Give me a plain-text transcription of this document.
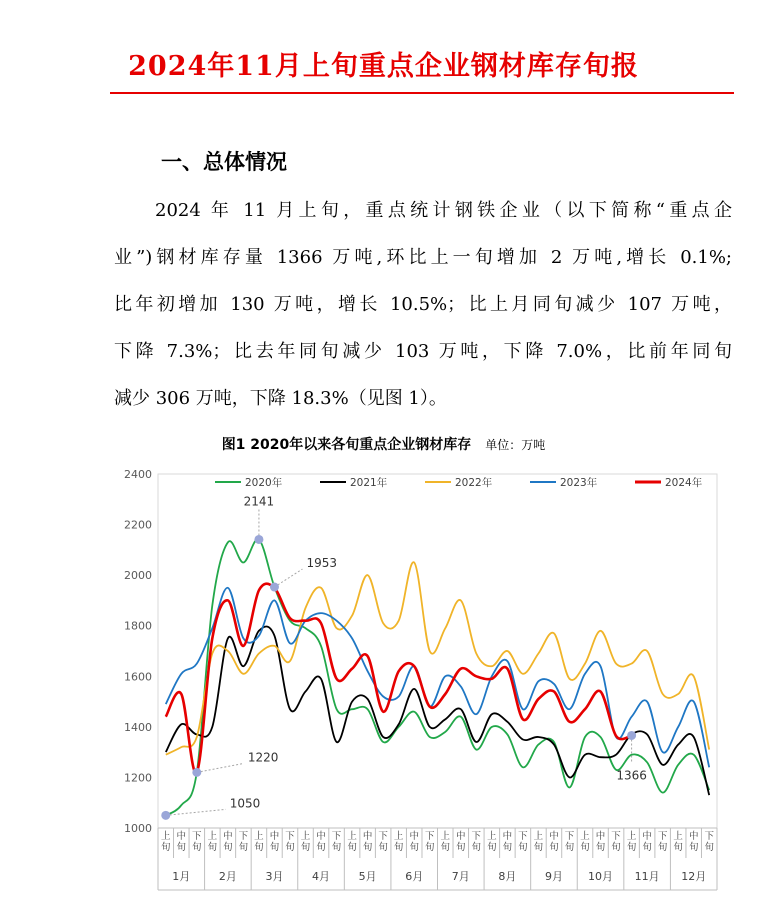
2024年11月上旬重点企业钢材库存旬报
一、总体情况
2024 年 11 月上旬，重点统计钢铁企业（以下简称“重点企
业”)钢材库存量 1366 万吨,环比上一旬增加 2 万吨,增长 0.1%;
比年初增加 130 万吨，增长 10.5%；比上月同旬减少 107 万吨，
下降 7.3%；比去年同旬减少 103 万吨，下降 7.0%，比前年同旬
减少 306 万吨，下降 18.3%（见图 1）。
图1 2020年以来各旬重点企业钢材库存 单位：万吨
1000
1200
1400
1600
1800
2000
2200
2400
上
旬
中
旬
下
旬
上
旬
中
旬
下
旬
上
旬
中
旬
下
旬
上
旬
中
旬
下
旬
上
旬
中
旬
下
旬
上
旬
中
旬
下
旬
上
旬
中
旬
下
旬
上
旬
中
旬
下
旬
上
旬
中
旬
下
旬
上
旬
中
旬
下
旬
上
旬
中
旬
下
旬
上
旬
中
旬
下
旬
1月	2月	3月	4月	5月	6月	7月	8月	9月 10月 11月 12月
2020年	2021年	2022年	2023年	2024年
1050
1220
2141
1953
1366
